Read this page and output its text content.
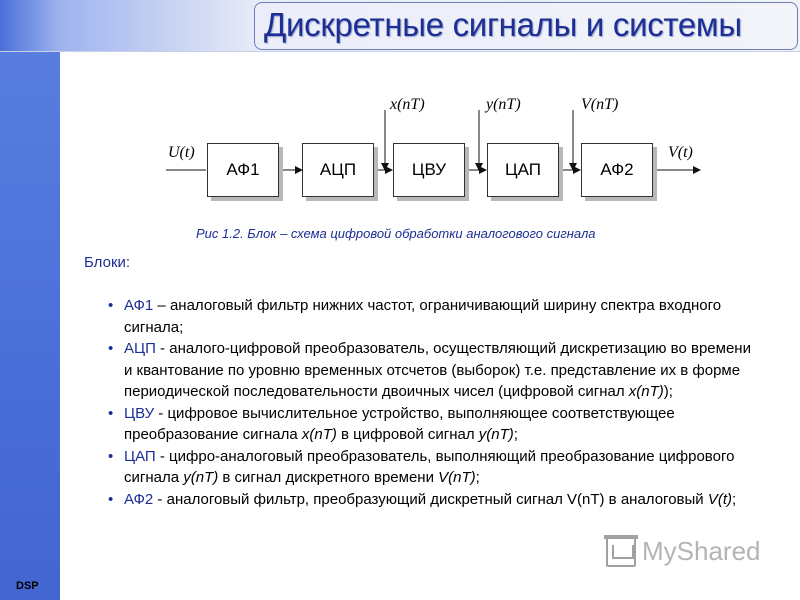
DSP
Дискретные сигналы и системы
U(t)	V(t)
x(nT)	y(nT)	V(nT)
АФ1	АЦП	ЦВУ	ЦАП	АФ2
Рис 1.2. Блок – схема цифровой обработки аналогового сигнала
Блоки:
• АФ1 – аналоговый фильтр нижних частот, ограничивающий ширину спектра входного сигнала;
• АЦП - аналого-цифровой преобразователь, осуществляющий дискретизацию во времени и квантование по уровню временных отсчетов (выборок) т.е. представление их в форме периодической последовательности двоичных чисел (цифровой сигнал x(nT));
• ЦВУ - цифровое вычислительное устройство, выполняющее соответствующее преобразование сигнала x(nT) в цифровой сигнал y(nT);
• ЦАП - цифро-аналоговый преобразователь, выполняющий преобразование цифрового сигнала y(nT) в сигнал дискретного времени V(nT);
• АФ2 - аналоговый фильтр, преобразующий дискретный сигнал V(nT) в аналоговый V(t);
MyShared
